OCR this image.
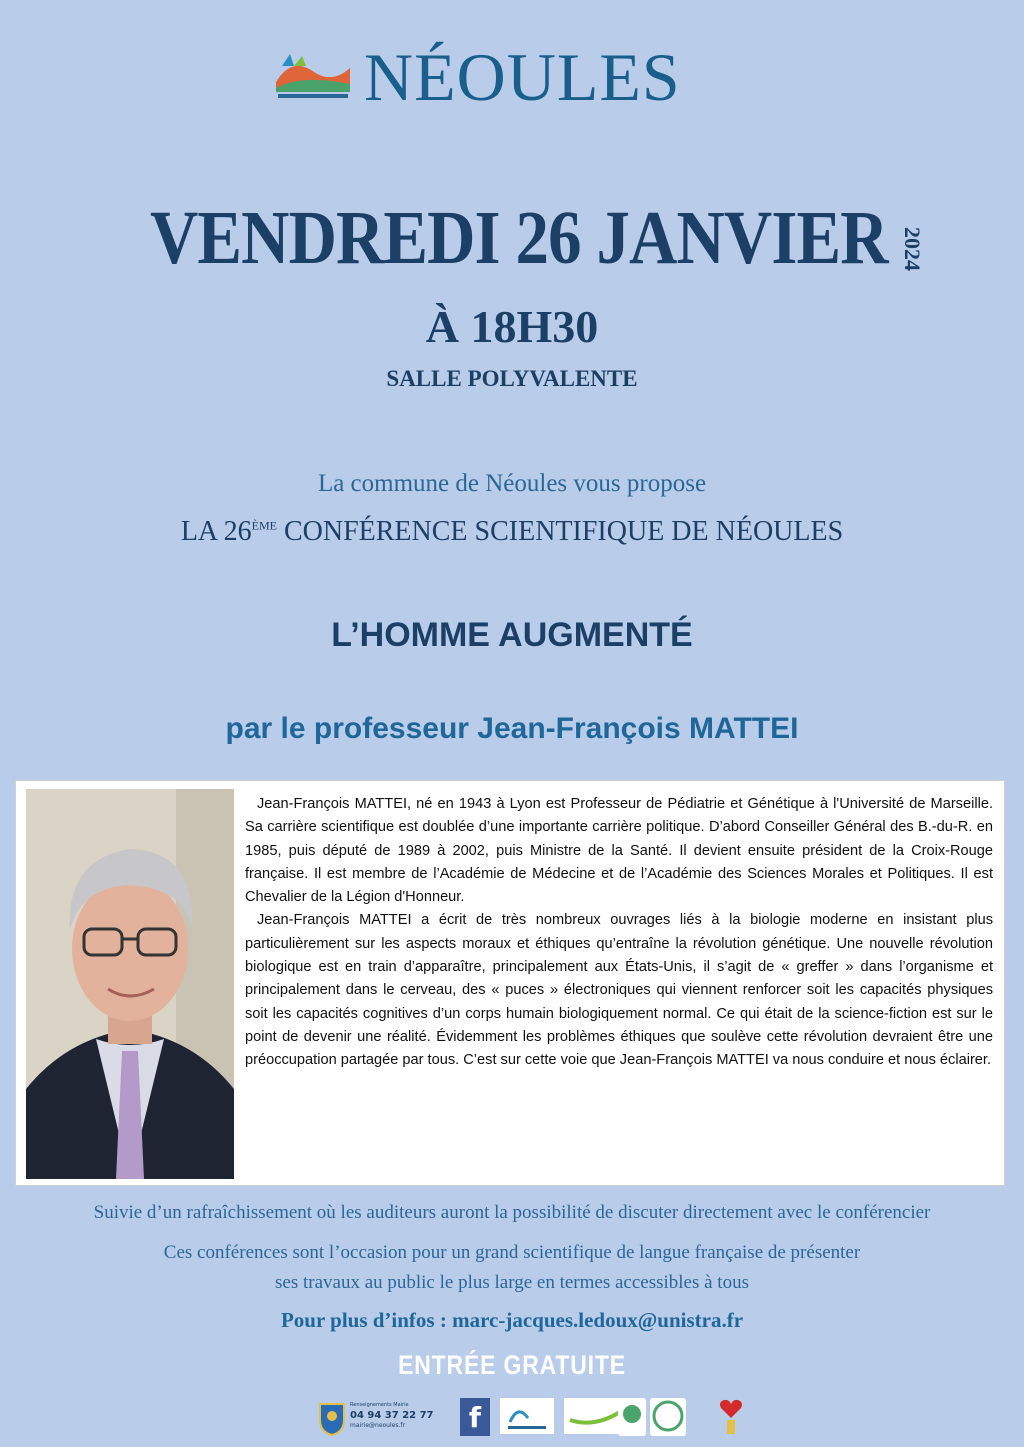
NÉOULES
VENDREDI 26 JANVIER 2024
À 18H30
SALLE POLYVALENTE
La commune de Néoules vous propose
LA 26ÈME CONFÉRENCE SCIENTIFIQUE DE NÉOULES
L’HOMME AUGMENTÉ
par le professeur Jean-François MATTEI

Jean-François MATTEI, né en 1943 à Lyon est Professeur de Pédiatrie et Génétique à l'Université de Marseille. Sa carrière scientifique est doublée d’une importante carrière politique. D’abord Conseiller Général des B.-du-R. en 1985, puis député de 1989 à 2002, puis Ministre de la Santé. Il devient ensuite président de la Croix-Rouge française. Il est membre de l’Académie de Médecine et de l’Académie des Sciences Morales et Politiques. Il est Chevalier de la Légion d'Honneur.

Jean-François MATTEI a écrit de très nombreux ouvrages liés à la biologie moderne en insistant plus particulièrement sur les aspects moraux et éthiques qu’entraîne la révolution génétique. Une nouvelle révolution biologique est en train d’apparaître, principalement aux États-Unis, il s’agit de « greffer » dans l’organisme et principalement dans le cerveau, des « puces » électroniques qui viennent renforcer soit les capacités physiques soit les capacités cognitives d’un corps humain biologiquement normal. Ce qui était de la science-fiction est sur le point de devenir une réalité. Évidemment les problèmes éthiques que soulève cette révolution devraient être une préoccupation partagée par tous. C’est sur cette voie que Jean-François MATTEI va nous conduire et nous éclairer.

Suivie d’un rafraîchissement où les auditeurs auront la possibilité de discuter directement avec le conférencier
Ces conférences sont l’occasion pour un grand scientifique de langue française de présenter
ses travaux au public le plus large en termes accessibles à tous
Pour plus d’infos : marc-jacques.ledoux@unistra.fr
ENTRÉE GRATUITE
Renseignements Mairie
04 94 37 22 77
mairie@neoules.fr	f
